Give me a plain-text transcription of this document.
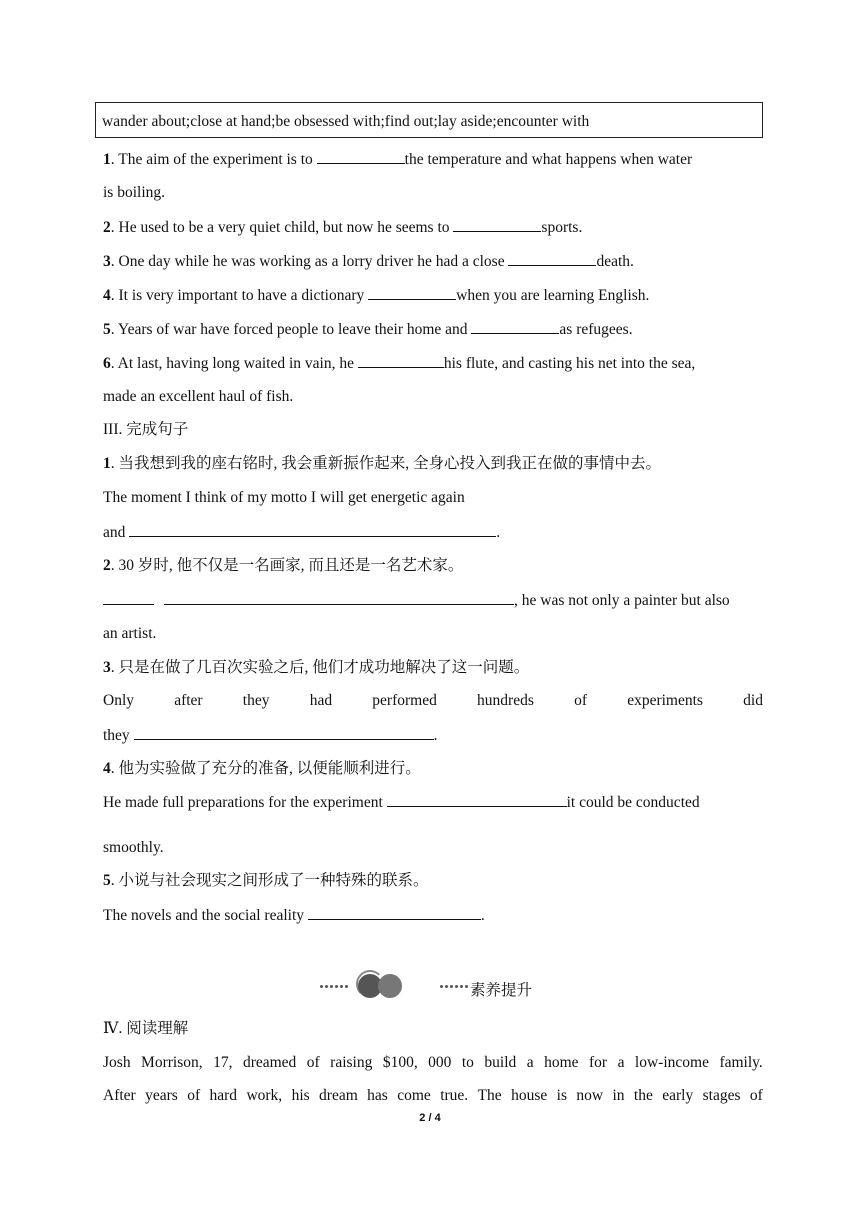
wander about;close at hand;be obsessed with;find out;lay aside;encounter with
1. The aim of the experiment is to	the temperature and what happens when water
is boiling.
2. He used to be a very quiet child, but now he seems to	sports.
3. One day while he was working as a lorry driver he had a close	death.
4. It is very important to have a dictionary	when you are learning English.
5. Years of war have forced people to leave their home and	as refugees.
6. At last, having long waited in vain, he	his flute, and casting his net into the sea,
made an excellent haul of fish.
III. 完成句子
1. 当我想到我的座右铭时, 我会重新振作起来, 全身心投入到我正在做的事情中去。
The moment I think of my motto I will get energetic again
and	.
2. 30 岁时, 他不仅是一名画家, 而且还是一名艺术家。
, he was not only a painter but also
an artist.
3. 只是在做了几百次实验之后, 他们才成功地解决了这一问题。
Only	after	they	had	performed	hundreds	of	experiments	did
they	.
4. 他为实验做了充分的准备, 以便能顺利进行。
He made full preparations for the experiment	it could be conducted
smoothly.
5. 小说与社会现实之间形成了一种特殊的联系。
The novels and the social reality	.
素养提升
Ⅳ. 阅读理解
Josh Morrison, 17, dreamed of raising $100, 000 to build a home for a low-income family.
After years of hard work, his dream has come true. The house is now in the early stages of
2 / 4
